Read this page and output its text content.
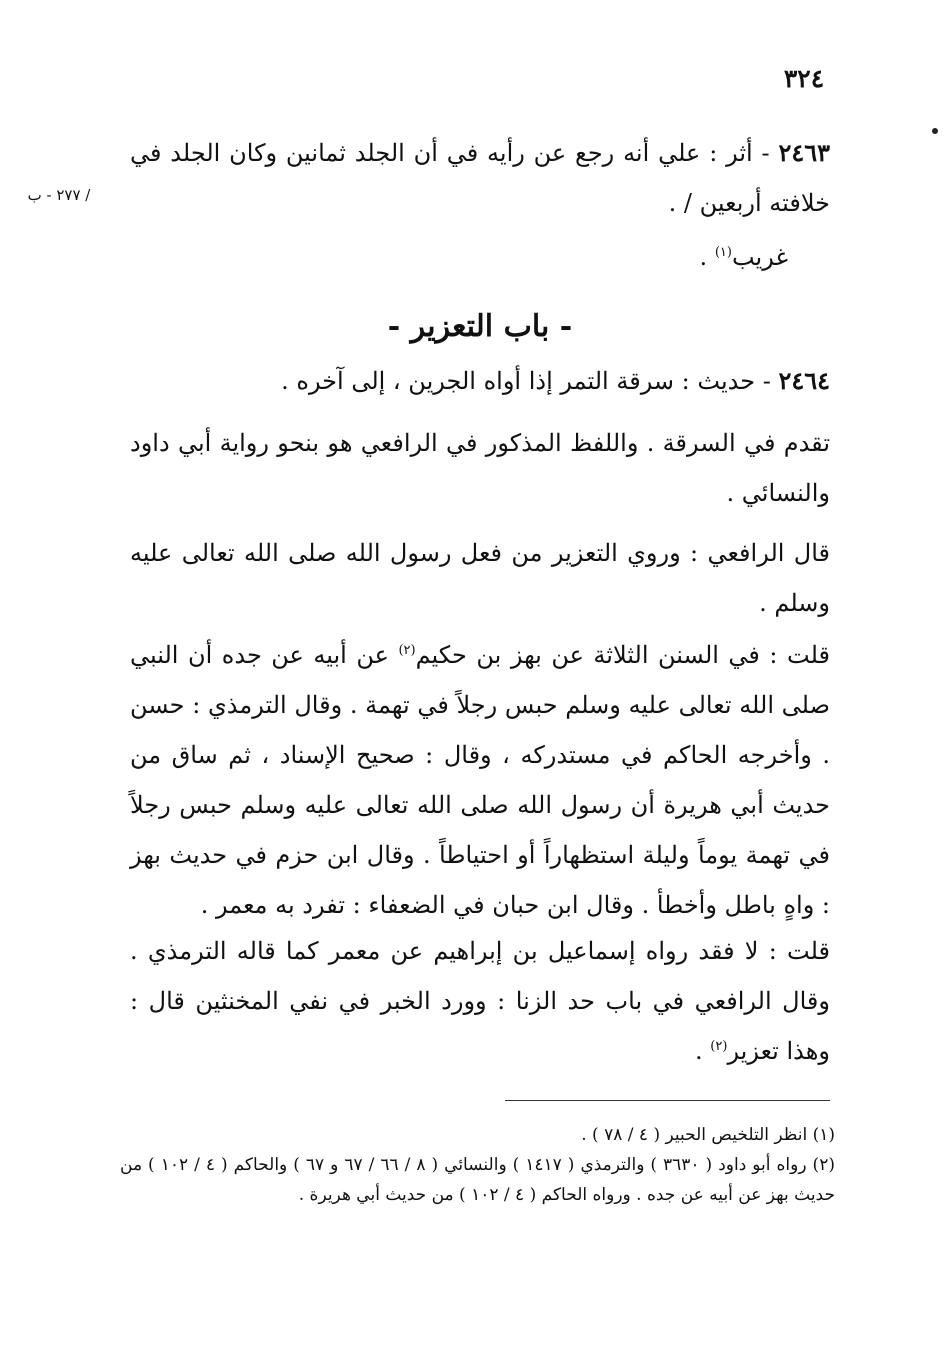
٣٢٤
/ ٢٧٧ - ب
٢٤٦٣ - أثر : علي أنه رجع عن رأيه في أن الجلد ثمانين وكان الجلد في خلافته أربعين / .
غريب$^{(١)}$ .
- باب التعزير -
٢٤٦٤ - حديث : سرقة التمر إذا أواه الجرين ، إلى آخره .
تقدم في السرقة . واللفظ المذكور في الرافعي هو بنحو رواية أبي داود والنسائي .
قال الرافعي : وروي التعزير من فعل رسول الله صلى الله تعالى عليه وسلم .
قلت : في السنن الثلاثة عن بهز بن حكيم$^{(٢)}$ عن أبيه عن جده أن النبي صلى الله تعالى عليه وسلم حبس رجلاً في تهمة . وقال الترمذي : حسن . وأخرجه الحاكم في مستدركه ، وقال : صحيح الإسناد ، ثم ساق من حديث أبي هريرة أن رسول الله صلى الله تعالى عليه وسلم حبس رجلاً في تهمة يوماً وليلة استظهاراً أو احتياطاً . وقال ابن حزم في حديث بهز : واهٍ باطل وأخطأ . وقال ابن حبان في الضعفاء : تفرد به معمر .
قلت : لا فقد رواه إسماعيل بن إبراهيم عن معمر كما قاله الترمذي . وقال الرافعي في باب حد الزنا : وورد الخبر في نفي المخنثين قال : وهذا تعزير$^{(٢)}$ .
(١) انظر التلخيص الحبير ( ٤ / ٧٨ ) .
(٢) رواه أبو داود ( ٣٦٣٠ ) والترمذي ( ١٤١٧ ) والنسائي ( ٨ / ٦٦ / ٦٧ و ٦٧ ) والحاكم ( ٤ / ١٠٢ ) من حديث بهز عن أبيه عن جده . ورواه الحاكم ( ٤ / ١٠٢ ) من حديث أبي هريرة .
